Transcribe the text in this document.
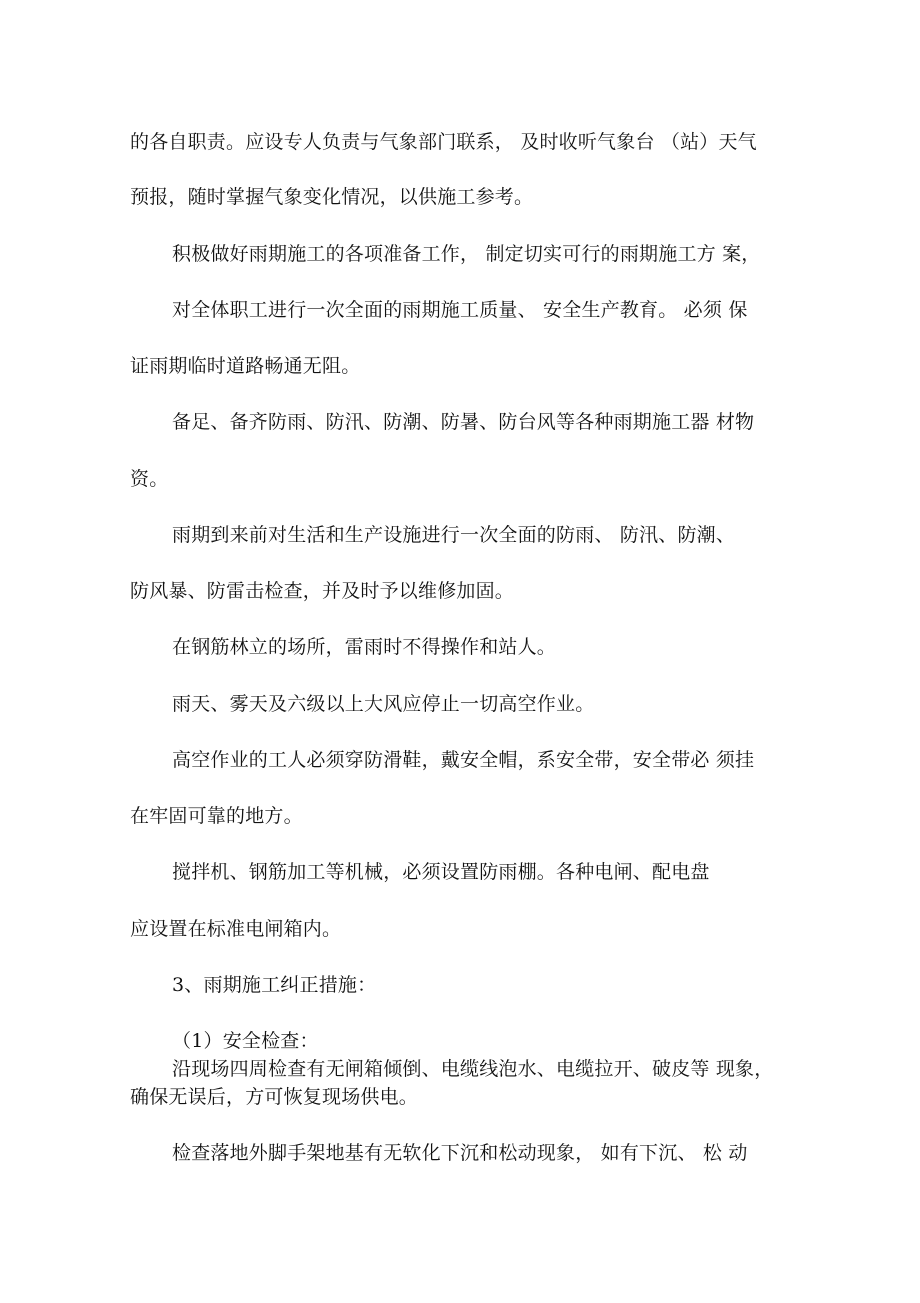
的各自职责。应设专人负责与气象部门联系， 及时收听气象台 （站）天气
预报，随时掌握气象变化情况，以供施工参考。
积极做好雨期施工的各项准备工作， 制定切实可行的雨期施工方 案，
对全体职工进行一次全面的雨期施工质量、 安全生产教育。 必须 保
证雨期临时道路畅通无阻。
备足、备齐防雨、防汛、防潮、防暑、防台风等各种雨期施工器 材物
资。
雨期到来前对生活和生产设施进行一次全面的防雨、 防汛、防潮、
防风暴、防雷击检查，并及时予以维修加固。
在钢筋林立的场所，雷雨时不得操作和站人。
雨天、雾天及六级以上大风应停止一切高空作业。
高空作业的工人必须穿防滑鞋，戴安全帽，系安全带，安全带必 须挂
在牢固可靠的地方。
搅拌机、钢筋加工等机械，必须设置防雨棚。各种电闸、配电盘
应设置在标准电闸箱内。
3、雨期施工纠正措施：
（1）安全检查：
沿现场四周检查有无闸箱倾倒、电缆线泡水、电缆拉开、破皮等 现象，
确保无误后，方可恢复现场供电。
检查落地外脚手架地基有无软化下沉和松动现象， 如有下沉、 松 动
